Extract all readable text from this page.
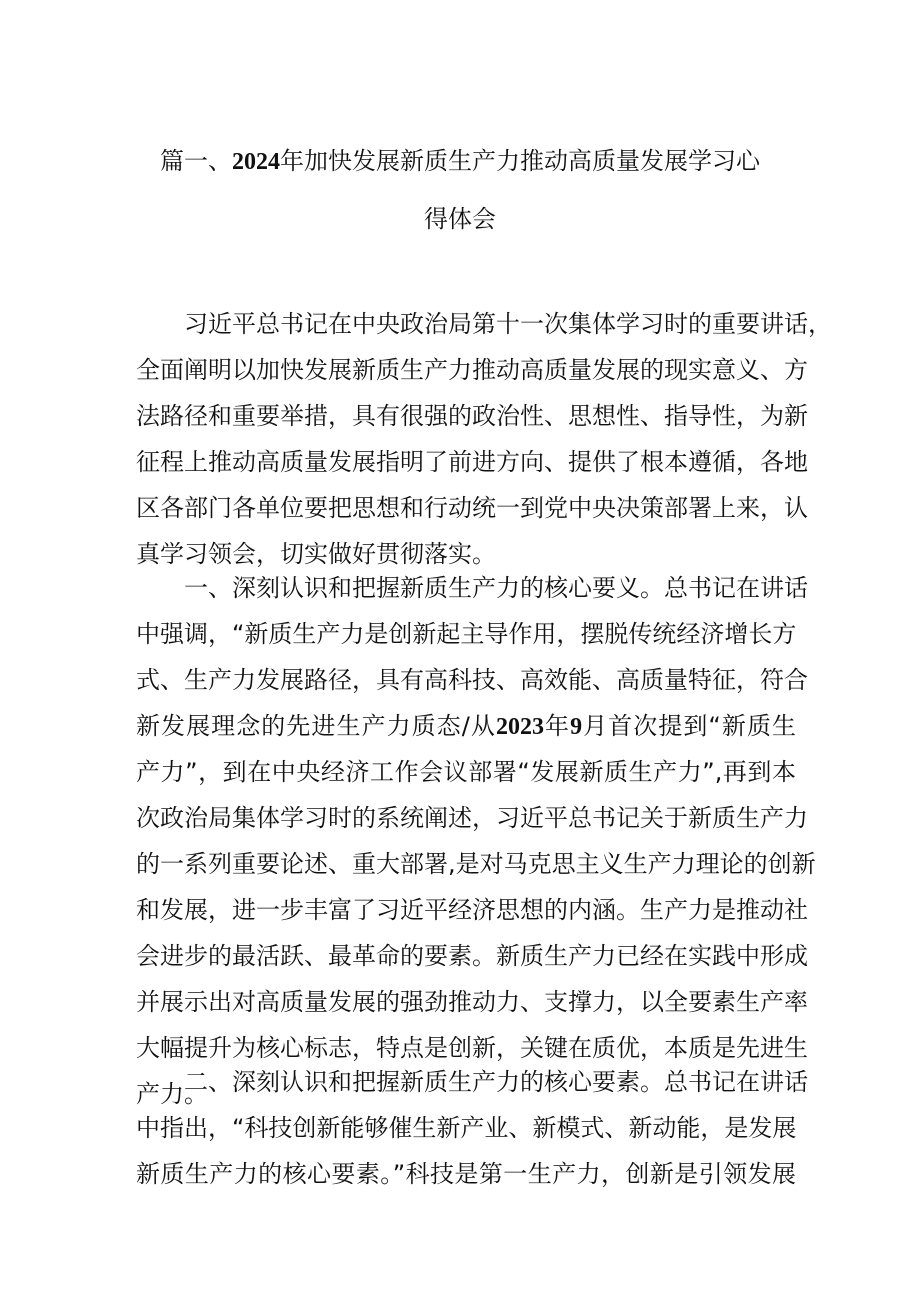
篇一、2024年加快发展新质生产力推动高质量发展学习心
得体会
习近平总书记在中央政治局第十一次集体学习时的重要讲话，
全面阐明以加快发展新质生产力推动高质量发展的现实意义、方
法路径和重要举措，具有很强的政治性、思想性、指导性，为新
征程上推动高质量发展指明了前进方向、提供了根本遵循，各地
区各部门各单位要把思想和行动统一到党中央决策部署上来，认
真学习领会，切实做好贯彻落实。
一、深刻认识和把握新质生产力的核心要义。总书记在讲话
中强调，“新质生产力是创新起主导作用，摆脱传统经济增长方
式、生产力发展路径，具有高科技、高效能、高质量特征，符合
新发展理念的先进生产力质态/从2023年9月首次提到“新质生
产力”，到在中央经济工作会议部署“发展新质生产力”,再到本
次政治局集体学习时的系统阐述，习近平总书记关于新质生产力
的一系列重要论述、重大部署,是对马克思主义生产力理论的创新
和发展，进一步丰富了习近平经济思想的内涵。生产力是推动社
会进步的最活跃、最革命的要素。新质生产力已经在实践中形成
并展示出对高质量发展的强劲推动力、支撑力，以全要素生产率
大幅提升为核心标志，特点是创新，关键在质优，本质是先进生
产力。
二、深刻认识和把握新质生产力的核心要素。总书记在讲话
中指出，“科技创新能够催生新产业、新模式、新动能，是发展
新质生产力的核心要素。”科技是第一生产力，创新是引领发展
